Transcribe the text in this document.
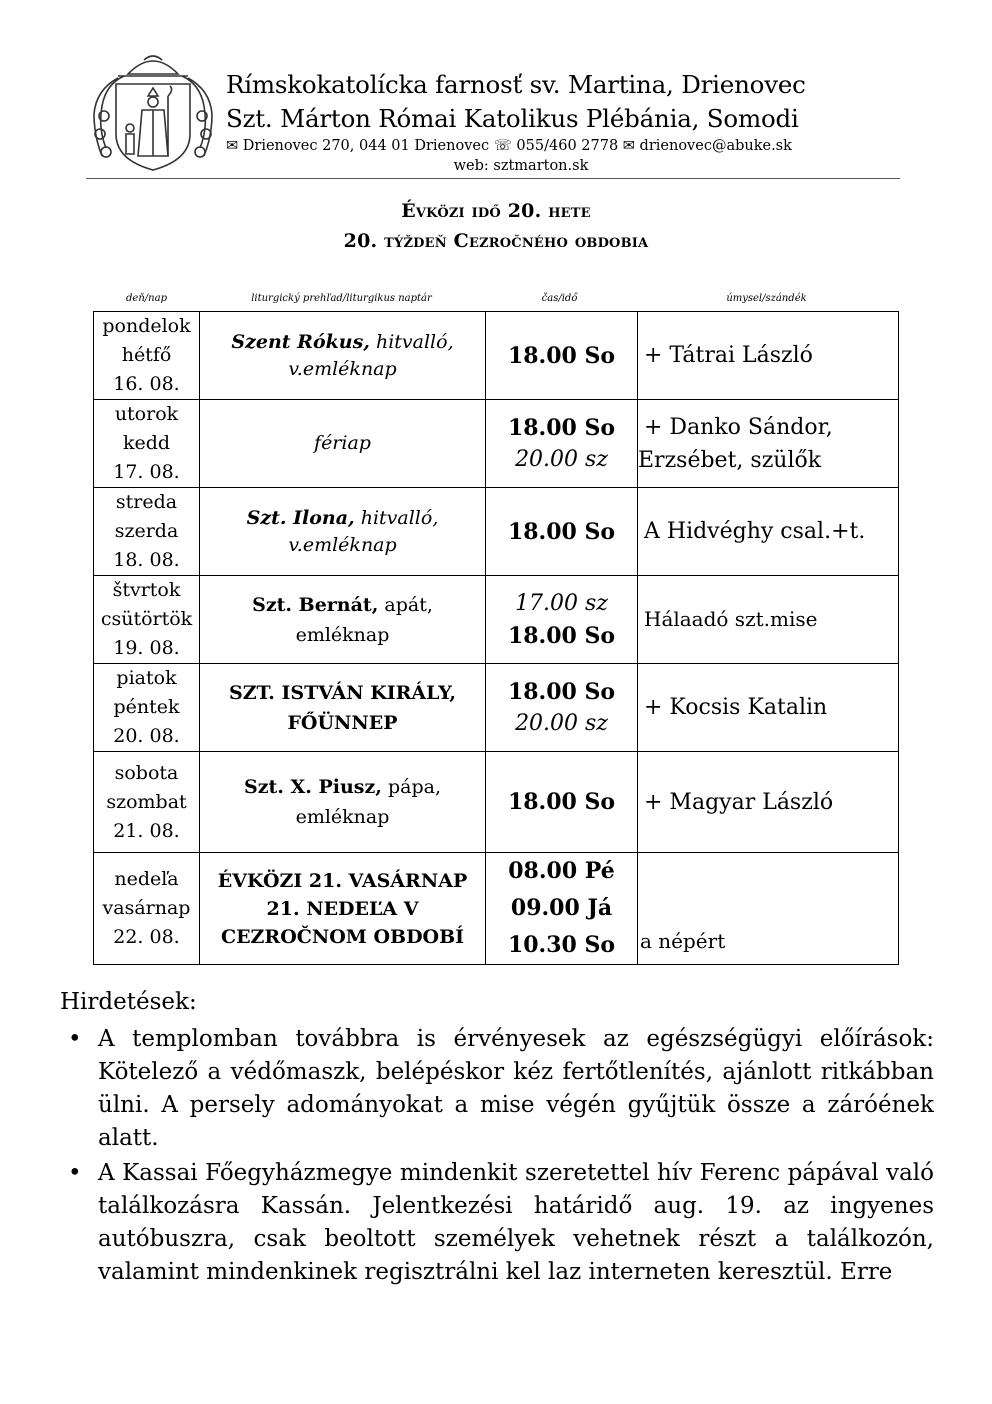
Rímskokatolícka farnosť sv. Martina, Drienovec
Szt. Márton Római Katolikus Plébánia, Somodi
✉ Drienovec 270, 044 01 Drienovec ☏ 055/460 2778 ✉ drienovec@abuke.sk
web: sztmarton.sk
Évközi idő 20. hete
20. týždeň Cezročného obdobia
deň/nap	liturgický prehľad/liturgikus naptár	čas/idő	úmysel/szándék
pondelok
hétfő
16. 08.	Szent Rókus, hitvalló,
v.emléknap	18.00 So	+ Tátrai László

utorok
kedd
17. 08.	fériap	18.00 So
20.00 sz	+ Danko Sándor,
Erzsébet, szülők

streda
szerda
18. 08.	Szt. Ilona, hitvalló,
v.emléknap	18.00 So	A Hidvéghy csal.+t.

štvrtok
csütörtök
19. 08.	Szt. Bernát, apát,
emléknap	17.00 sz
18.00 So	Hálaadó szt.mise

piatok
péntek
20. 08.	SZT. ISTVÁN KIRÁLY,
FŐÜNNEP	18.00 So
20.00 sz	+ Kocsis Katalin

sobota
szombat
21. 08.	Szt. X. Piusz, pápa,
emléknap	18.00 So	+ Magyar László

nedeľa
vasárnap
22. 08.	ÉVKÖZI 21. VASÁRNAP
21. NEDEĽA V
CEZROČNOM OBDOBÍ	08.00 Pé
09.00 Já
10.30 So	a népért
Hirdetések:
• A templomban továbbra is érvényesek az egészségügyi előírások: Kötelező a védőmaszk, belépéskor kéz fertőtlenítés, ajánlott ritkábban ülni. A persely adományokat a mise végén gyűjtük össze a záróének alatt.
• A Kassai Főegyházmegye mindenkit szeretettel hív Ferenc pápával való találkozásra Kassán. Jelentkezési határidő aug. 19. az ingyenes autóbuszra, csak beoltott személyek vehetnek részt a találkozón, valamint mindenkinek regisztrálni kel laz interneten keresztül. Erre
